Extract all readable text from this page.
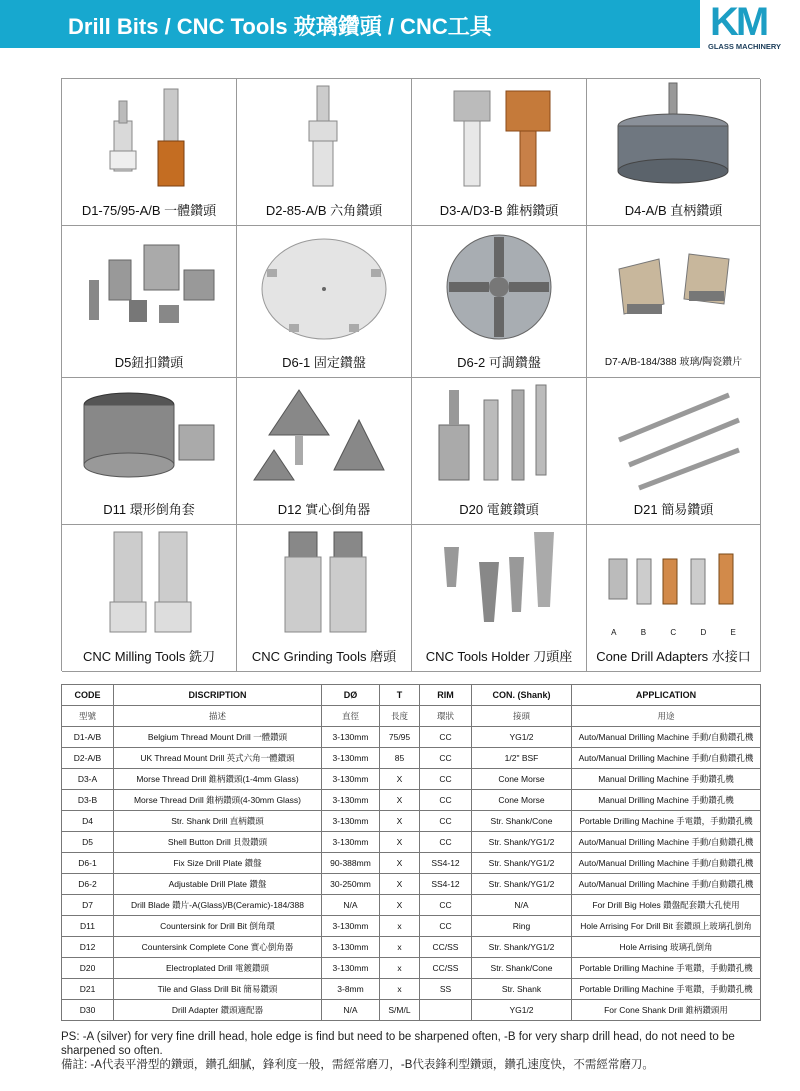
Drill Bits / CNC Tools 玻璃鑽頭 / CNC工具	KM
GLASS MACHINERY
D1-75/95-A/B 一體鑽頭	D2-85-A/B 六角鑽頭	D3-A/D3-B 錐柄鑽頭	D4-A/B 直柄鑽頭
D5鈕扣鑽頭	D6-1 固定鑽盤	D6-2 可調鑽盤	D7-A/B-184/388 玻璃/陶瓷鑽片
D11 環形倒角套	D12 實心倒角器	D20 電鍍鑽頭	D21 簡易鑽頭
CNC Milling Tools 銑刀	CNC Grinding Tools 磨頭	CNC Tools Holder 刀頭座
A	B	C	D	E
Cone Drill Adapters 水接口
CODE	DISCRIPTION	DØ	T	RIM	CON. (Shank)	APPLICATION
型號	描述	直徑	長度	環狀	接頭	用途
D1-A/B	Belgium Thread Mount Drill 一體鑽頭	3-130mm	75/95	CC	YG1/2	Auto/Manual Drilling Machine 手動/自動鑽孔機
D2-A/B	UK Thread Mount Drill 英式六角一體鑽頭	3-130mm	85	CC	1/2" BSF	Auto/Manual Drilling Machine 手動/自動鑽孔機
D3-A	Morse Thread Drill 錐柄鑽頭(1-4mm Glass)	3-130mm	X	CC	Cone Morse	Manual Drilling Machine 手動鑽孔機
D3-B	Morse Thread Drill 錐柄鑽頭(4-30mm Glass)	3-130mm	X	CC	Cone Morse	Manual Drilling Machine 手動鑽孔機
D4	Str. Shank Drill 直柄鑽頭	3-130mm	X	CC	Str. Shank/Cone	Portable Drilling Machine 手電鑽，手動鑽孔機
D5	Shell Button Drill 貝殼鑽頭	3-130mm	X	CC	Str. Shank/YG1/2	Auto/Manual Drilling Machine 手動/自動鑽孔機
D6-1	Fix Size Drill Plate 鑽盤	90-388mm	X	SS4-12	Str. Shank/YG1/2	Auto/Manual Drilling Machine 手動/自動鑽孔機
D6-2	Adjustable Drill Plate 鑽盤	30-250mm	X	SS4-12	Str. Shank/YG1/2	Auto/Manual Drilling Machine 手動/自動鑽孔機
D7	Drill Blade 鑽片-A(Glass)/B(Ceramic)-184/388	N/A	X	CC	N/A	For Drill Big Holes 鑽盤配套鑽大孔使用
D11	Countersink for Drill Bit 倒角環	3-130mm	x	CC	Ring	Hole Arrising For Drill Bit 套鑽頭上玻璃孔倒角
D12	Countersink Complete Cone 實心倒角器	3-130mm	x	CC/SS	Str. Shank/YG1/2	Hole Arrising 玻璃孔倒角
D20	Electroplated Drill 電鍍鑽頭	3-130mm	x	CC/SS	Str. Shank/Cone	Portable Drilling Machine 手電鑽，手動鑽孔機
D21	Tile and Glass Drill Bit 簡易鑽頭	3-8mm	x	SS	Str. Shank	Portable Drilling Machine 手電鑽，手動鑽孔機
D30	Drill Adapter 鑽頭適配器	N/A	S/M/L		YG1/2	For Cone Shank Drill 錐柄鑽頭用
PS: -A (silver) for very fine drill head, hole edge is find but need to be sharpened often, -B for very sharp drill head, do not need to be sharpened so often.
備註: -A代表平滑型的鑽頭，鑽孔細膩，鋒利度一般，需經常磨刀，-B代表鋒利型鑽頭，鑽孔速度快，不需經常磨刀。
